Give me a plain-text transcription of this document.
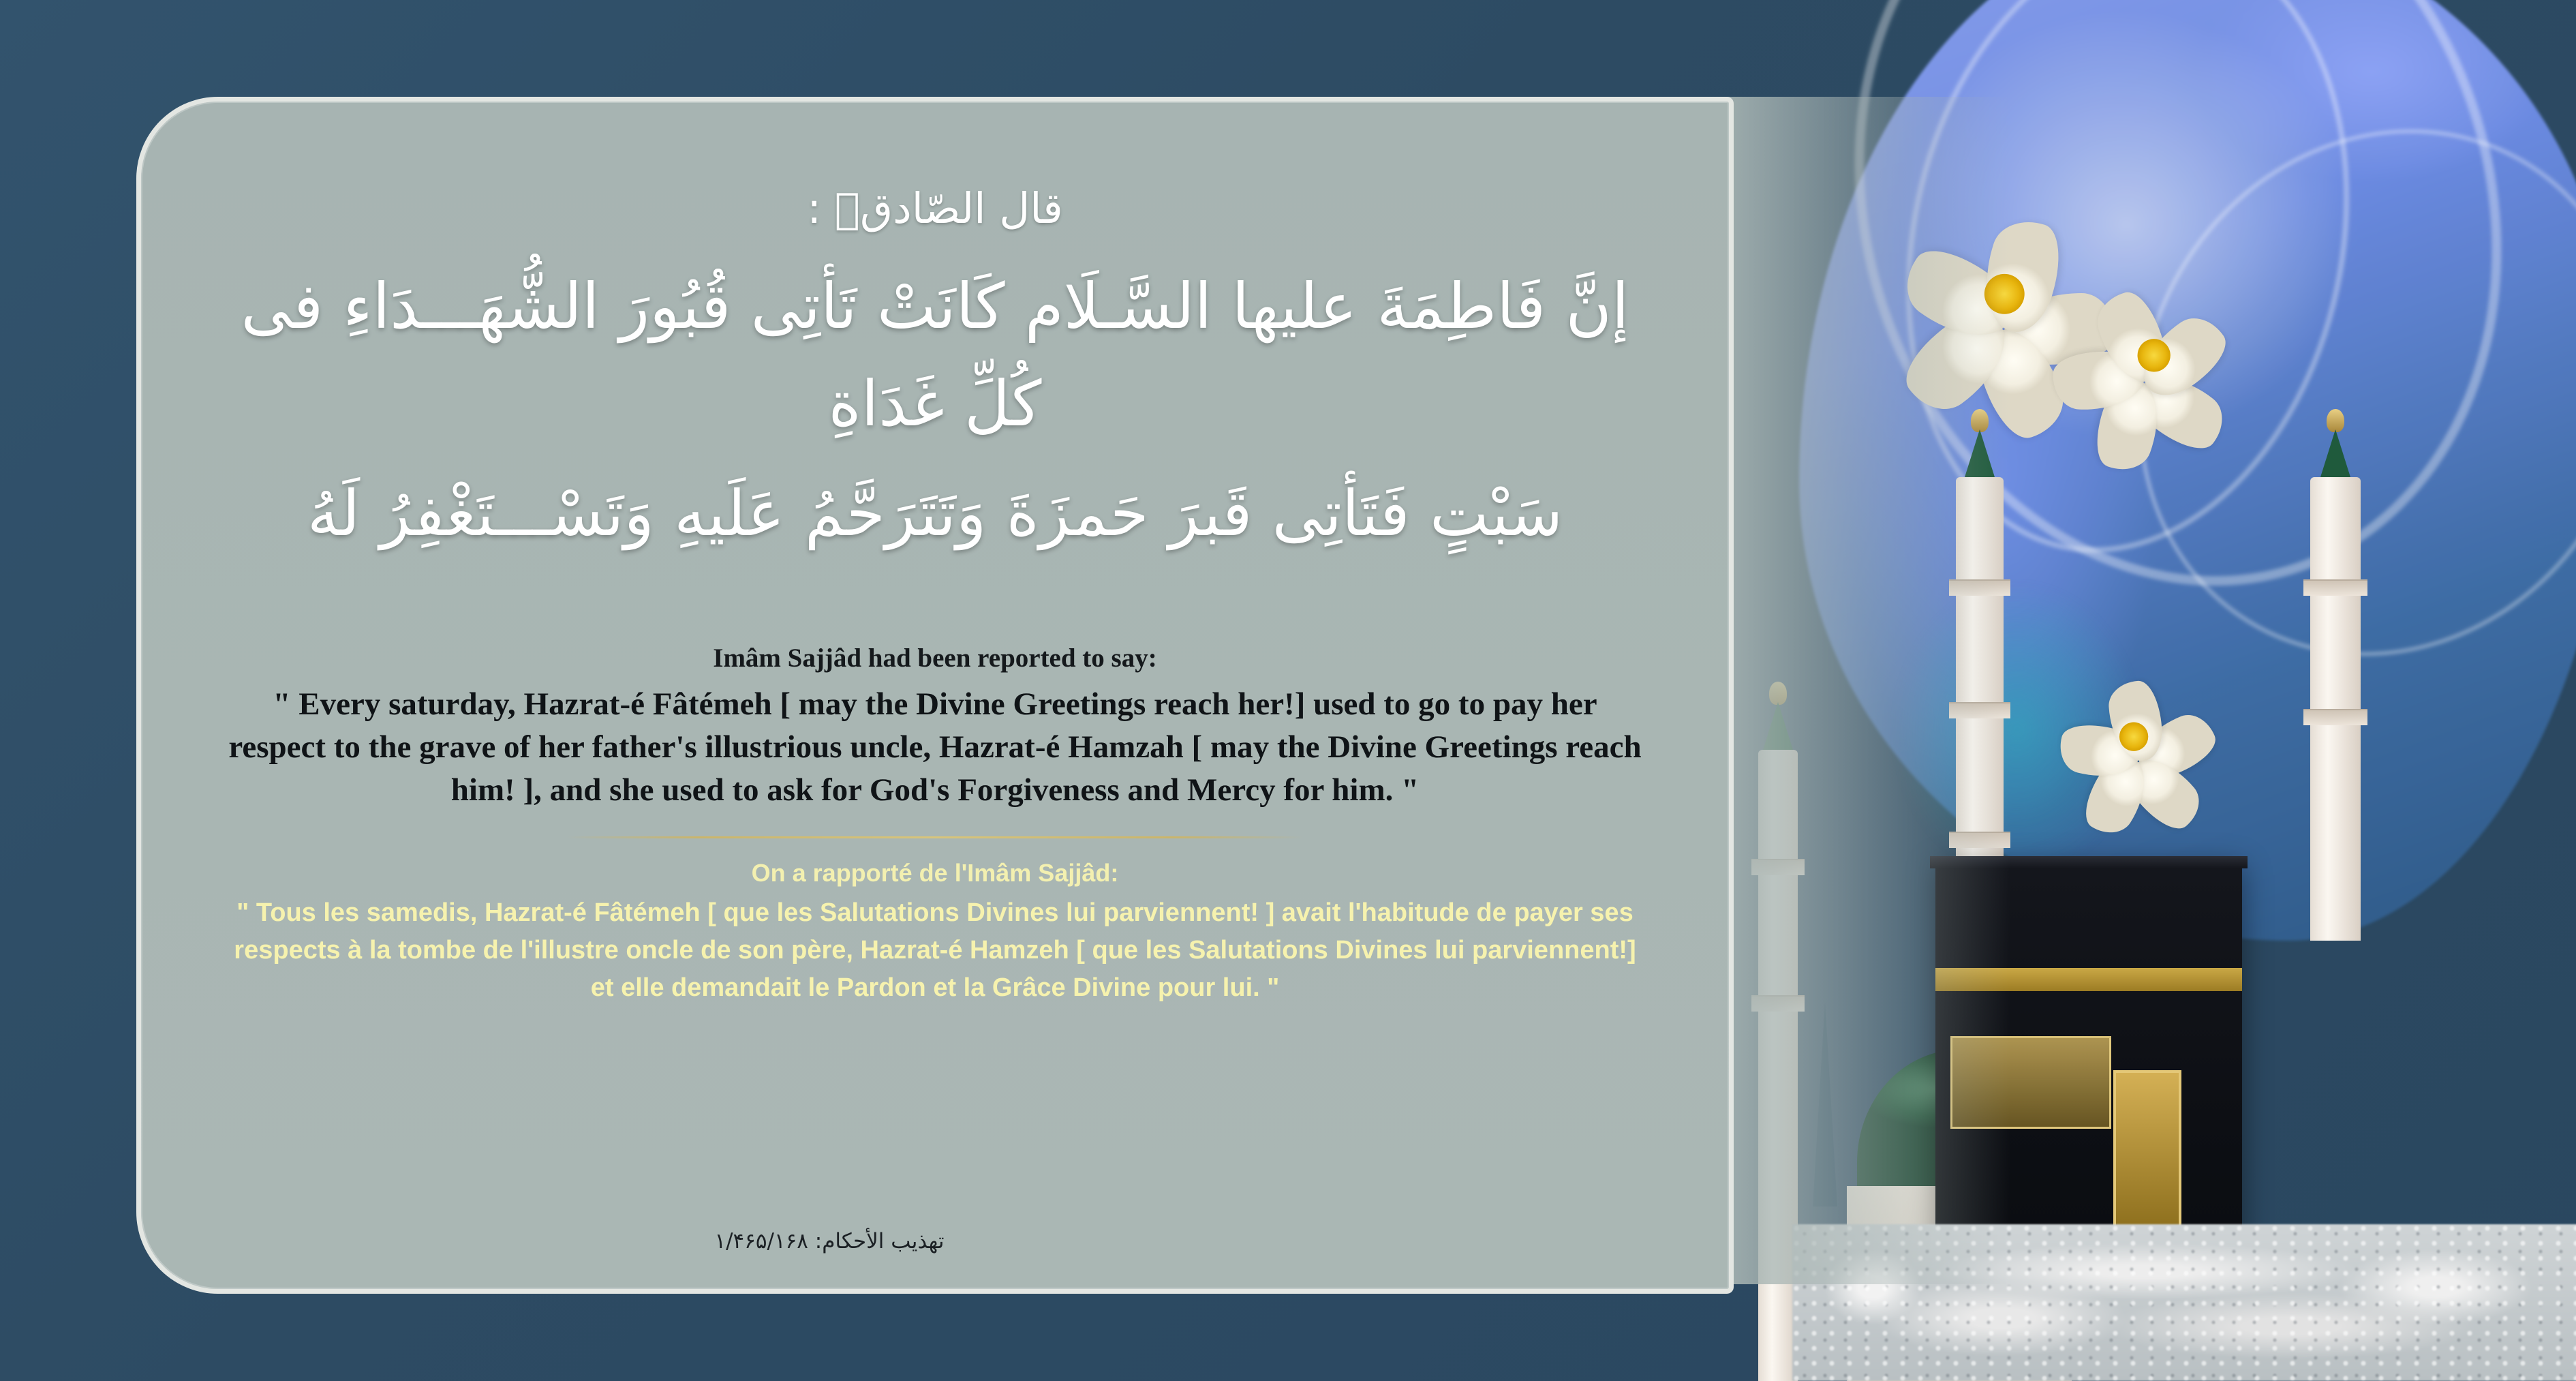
قال الصّادقؑ :
إنَّ فَاطِمَةَ عليها السَّـلَام كَانَتْ تَأتِى قُبُورَ الشُّهَـــدَاءِ فى كُلِّ غَدَاةِ
سَبْتٍ فَتَأتِى قَبرَ حَمزَةَ وَتَتَرَحَّمُ عَلَيهِ وَتَسْـــتَغْفِرُ لَهُ
Imâm Sajjâd had been reported to say:
" Every saturday, Hazrat-é Fâtémeh [ may the Divine Greetings reach her!] used to go to pay her respect to the grave of her father's illustrious uncle, Hazrat-é Hamzah [ may the Divine Greetings reach him! ], and she used to ask for God's Forgiveness and Mercy for him. "
On a rapporté de l'Imâm Sajjâd:
" Tous les samedis, Hazrat-é Fâtémeh [ que les Salutations Divines lui parviennent! ] avait l'habitude de payer ses respects à la tombe de l'illustre oncle de son père, Hazrat-é Hamzeh [ que les Salutations Divines lui parviennent!] et elle demandait le Pardon et la Grâce Divine pour lui. "
تهذيب الأحكام: ۱/۴۶۵/۱۶۸
